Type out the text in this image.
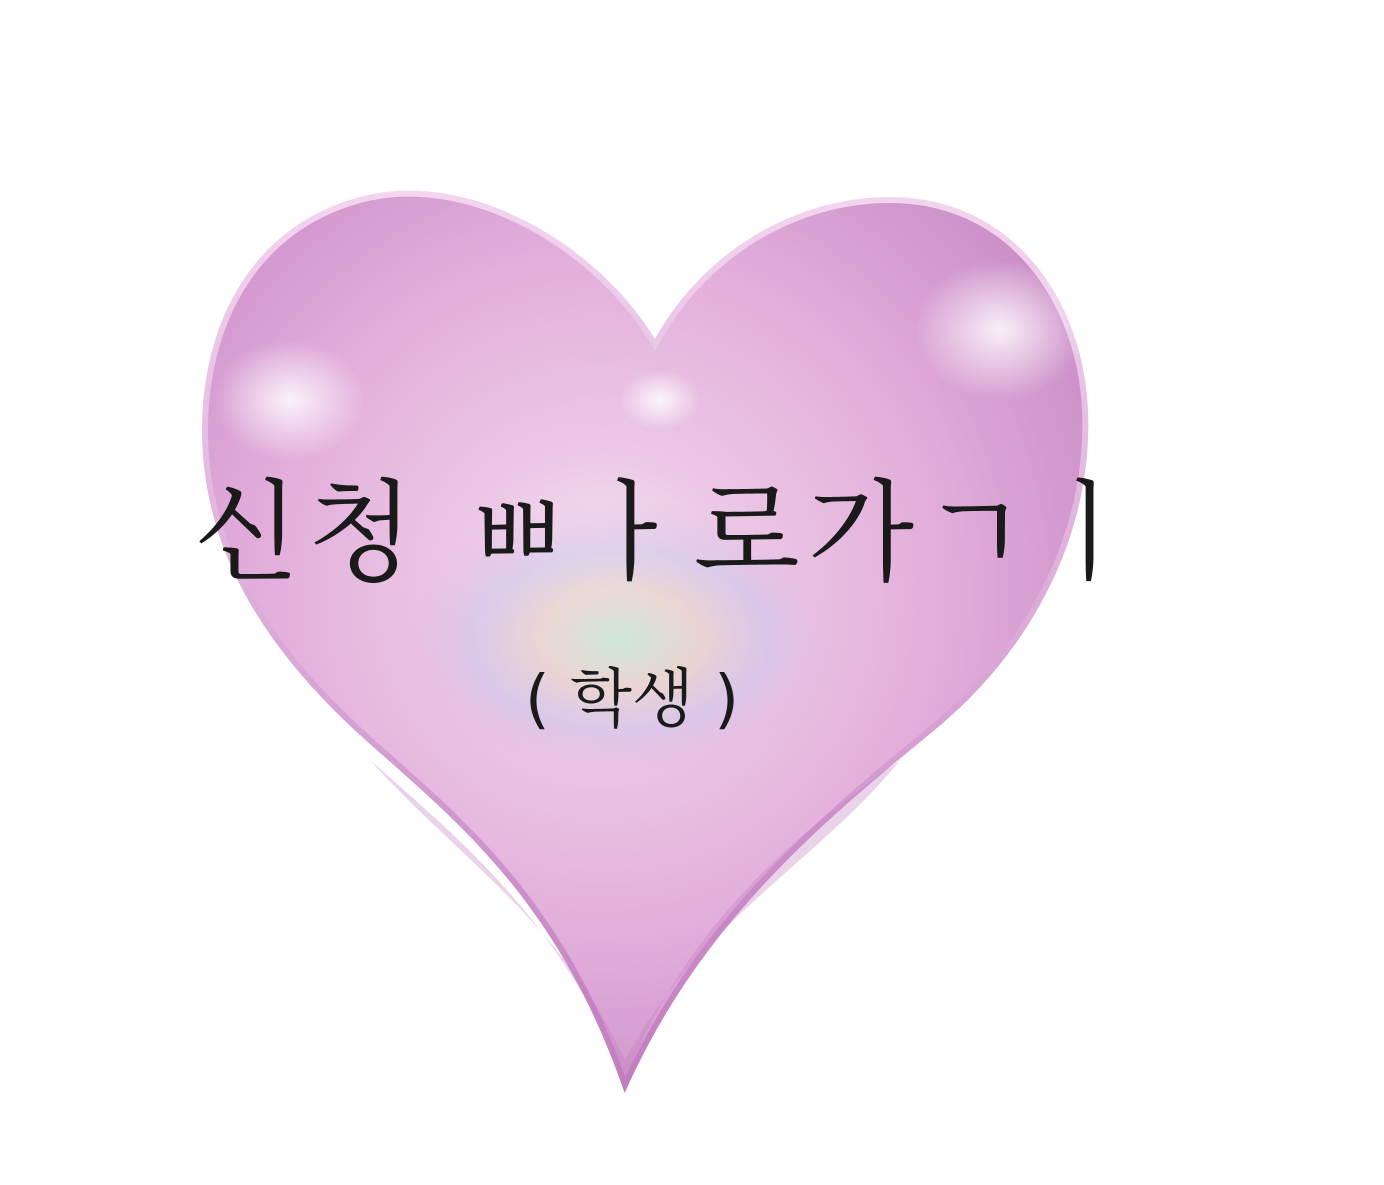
신청 ㅃㅏ로가ㄱㅣ
( 학생 )
